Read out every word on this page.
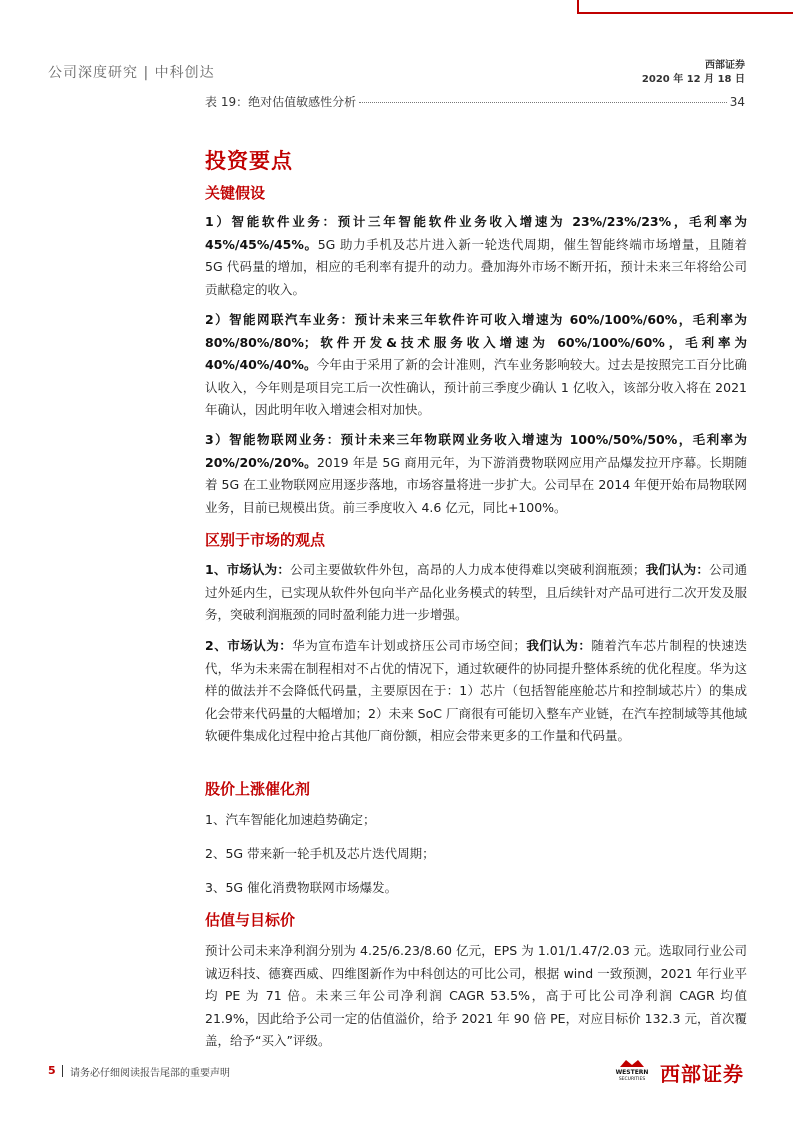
公司深度研究 | 中科创达	西部证券
2020 年 12 月 18 日
表 19：绝对估值敏感性分析	34
投资要点
关键假设
1）智能软件业务：预计三年智能软件业务收入增速为 23%/23%/23%，毛利率为 45%/45%/45%。5G 助力手机及芯片进入新一轮迭代周期，催生智能终端市场增量，且随着 5G 代码量的增加，相应的毛利率有提升的动力。叠加海外市场不断开拓，预计未来三年将给公司贡献稳定的收入。
2）智能网联汽车业务：预计未来三年软件许可收入增速为 60%/100%/60%，毛利率为 80%/80%/80%；软件开发&技术服务收入增速为 60%/100%/60%，毛利率为 40%/40%/40%。今年由于采用了新的会计准则，汽车业务影响较大。过去是按照完工百分比确认收入，今年则是项目完工后一次性确认，预计前三季度少确认 1 亿收入，该部分收入将在 2021 年确认，因此明年收入增速会相对加快。
3）智能物联网业务：预计未来三年物联网业务收入增速为 100%/50%/50%，毛利率为 20%/20%/20%。2019 年是 5G 商用元年，为下游消费物联网应用产品爆发拉开序幕。长期随着 5G 在工业物联网应用逐步落地，市场容量将进一步扩大。公司早在 2014 年便开始布局物联网业务，目前已规模出货。前三季度收入 4.6 亿元，同比+100%。
区别于市场的观点
1、市场认为：公司主要做软件外包，高昂的人力成本使得难以突破利润瓶颈；我们认为：公司通过外延内生，已实现从软件外包向半产品化业务模式的转型，且后续针对产品可进行二次开发及服务，突破利润瓶颈的同时盈利能力进一步增强。
2、市场认为：华为宣布造车计划或挤压公司市场空间；我们认为：随着汽车芯片制程的快速迭代，华为未来需在制程相对不占优的情况下，通过软硬件的协同提升整体系统的优化程度。华为这样的做法并不会降低代码量，主要原因在于：1）芯片（包括智能座舱芯片和控制域芯片）的集成化会带来代码量的大幅增加；2）未来 SoC 厂商很有可能切入整车产业链，在汽车控制域等其他域软硬件集成化过程中抢占其他厂商份额，相应会带来更多的工作量和代码量。
股价上涨催化剂
1、汽车智能化加速趋势确定；
2、5G 带来新一轮手机及芯片迭代周期；
3、5G 催化消费物联网市场爆发。
估值与目标价
预计公司未来净利润分别为 4.25/6.23/8.60 亿元，EPS 为 1.01/1.47/2.03 元。选取同行业公司诚迈科技、德赛西威、四维图新作为中科创达的可比公司，根据 wind 一致预测，2021 年行业平均 PE 为 71 倍。未来三年公司净利润 CAGR 53.5%，高于可比公司净利润 CAGR 均值 21.9%，因此给予公司一定的估值溢价，给予 2021 年 90 倍 PE，对应目标价 132.3 元，首次覆盖，给予“买入”评级。
5 请务必仔细阅读报告尾部的重要声明	WESTERN
SECURITIES 西部证券
